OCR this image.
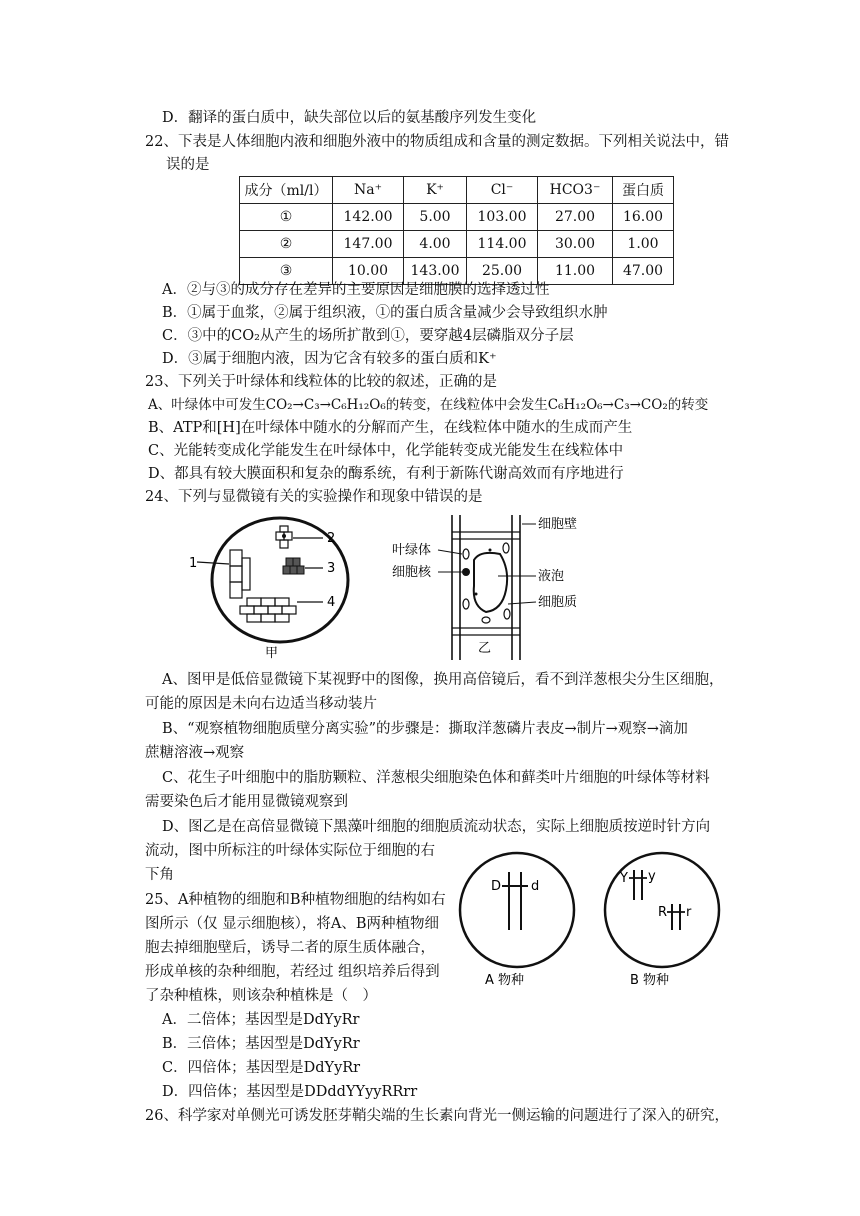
D．翻译的蛋白质中，缺失部位以后的氨基酸序列发生变化
22、下表是人体细胞内液和细胞外液中的物质组成和含量的测定数据。下列相关说法中，错
误的是
成分（ml/l）	Na⁺	K⁺	Cl⁻	HCO3⁻	蛋白质
①	142.00	5.00	103.00	27.00	16.00
②	147.00	4.00	114.00	30.00	1.00
③	10.00	143.00	25.00	11.00	47.00
A．②与③的成分存在差异的主要原因是细胞膜的选择透过性
B．①属于血浆，②属于组织液，①的蛋白质含量减少会导致组织水肿
C．③中的CO₂从产生的场所扩散到①，要穿越4层磷脂双分子层
D．③属于细胞内液，因为它含有较多的蛋白质和K⁺
23、下列关于叶绿体和线粒体的比较的叙述，正确的是
A、叶绿体中可发生CO₂→C₃→C₆H₁₂O₆的转变，在线粒体中会发生C₆H₁₂O₆→C₃→CO₂的转变
B、ATP和[H]在叶绿体中随水的分解而产生，在线粒体中随水的生成而产生
C、光能转变成化学能发生在叶绿体中，化学能转变成光能发生在线粒体中
D、都具有较大膜面积和复杂的酶系统，有利于新陈代谢高效而有序地进行
24、下列与显微镜有关的实验操作和现象中错误的是
1
2
3
4
甲
细胞壁
叶绿体
细胞核	液泡
细胞质
乙
A、图甲是低倍显微镜下某视野中的图像，换用高倍镜后，看不到洋葱根尖分生区细胞，
可能的原因是未向右边适当移动装片
B、“观察植物细胞质壁分离实验”的步骤是：撕取洋葱磷片表皮→制片→观察→滴加
蔗糖溶液→观察
C、花生子叶细胞中的脂肪颗粒、洋葱根尖细胞染色体和藓类叶片细胞的叶绿体等材料
需要染色后才能用显微镜观察到
D、图乙是在高倍显微镜下黑藻叶细胞的细胞质流动状态，实际上细胞质按逆时针方向
流动，图中所标注的叶绿体实际位于细胞的右
下角
25、A种植物的细胞和B种植物细胞的结构如右
图所示（仅 显示细胞核），将A、B两种植物细
胞去掉细胞壁后，诱导二者的原生质体融合，
形成单核的杂种细胞，若经过 组织培养后得到
了杂种植株，则该杂种植株是（　）
A．二倍体；基因型是DdYyRr
B．三倍体；基因型是DdYyRr
C．四倍体；基因型是DdYyRr
D．四倍体；基因型是DDddYYyyRRrr
D d
A 物种
Y y
R r
B 物种
26、科学家对单侧光可诱发胚芽鞘尖端的生长素向背光一侧运输的问题进行了深入的研究，
